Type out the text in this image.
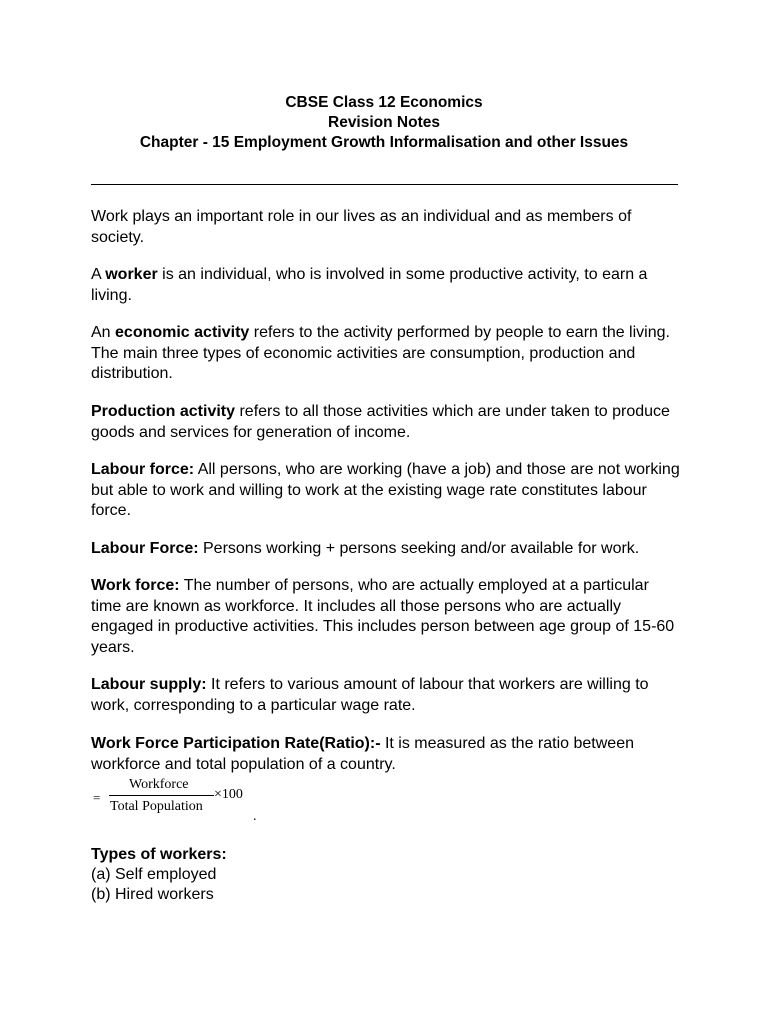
CBSE Class 12 Economics
Revision Notes
Chapter - 15 Employment Growth Informalisation and other Issues
Work plays an important role in our lives as an individual and as members of society.
A worker is an individual, who is involved in some productive activity, to earn a living.
An economic activity refers to the activity performed by people to earn the living. The main three types of economic activities are consumption, production and distribution.
Production activity refers to all those activities which are under taken to produce goods and services for generation of income.
Labour force: All persons, who are working (have a job) and those are not working but able to work and willing to work at the existing wage rate constitutes labour force.
Labour Force: Persons working + persons seeking and/or available for work.
Work force: The number of persons, who are actually employed at a particular time are known as workforce. It includes all those persons who are actually engaged in productive activities. This includes person between age group of 15-60 years.
Labour supply: It refers to various amount of labour that workers are willing to work, corresponding to a particular wage rate.
Work Force Participation Rate(Ratio):- It is measured as the ratio between workforce and total population of a country.
=
Workforce
Total Population
×100
.
Types of workers:
(a) Self employed
(b) Hired workers
